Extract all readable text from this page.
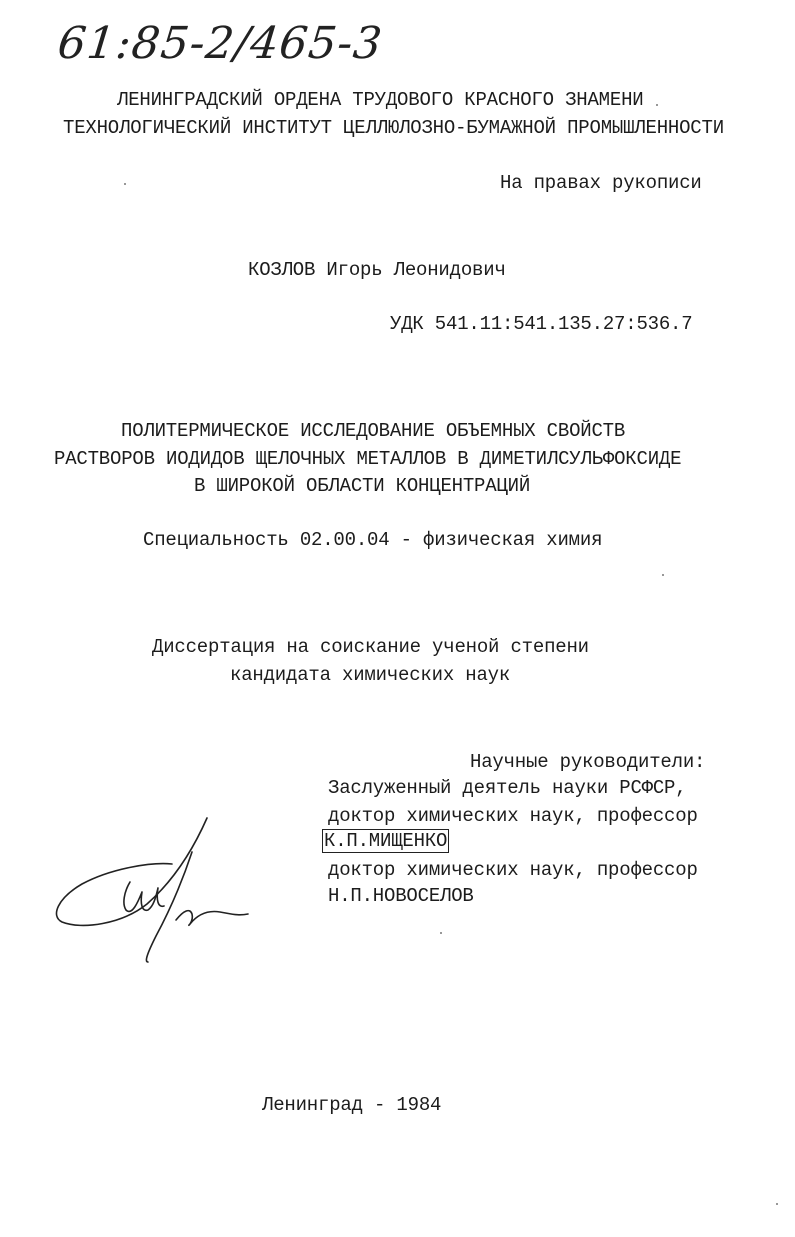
61:85-2/465-3
ЛЕНИНГРАДСКИЙ ОРДЕНА ТРУДОВОГО КРАСНОГО ЗНАМЕНИ
ТЕХНОЛОГИЧЕСКИЙ ИНСТИТУТ ЦЕЛЛЮЛОЗНО-БУМАЖНОЙ ПРОМЫШЛЕННОСТИ
На правах рукописи
КОЗЛОВ Игорь Леонидович
УДК 541.11:541.135.27:536.7
ПОЛИТЕРМИЧЕСКОЕ ИССЛЕДОВАНИЕ ОБЪЕМНЫХ СВОЙСТВ
РАСТВОРОВ ИОДИДОВ ЩЕЛОЧНЫХ МЕТАЛЛОВ В ДИМЕТИЛСУЛЬФОКСИДЕ
В ШИРОКОЙ ОБЛАСТИ КОНЦЕНТРАЦИЙ
Специальность 02.00.04 - физическая химия
Диссертация на соискание ученой степени
кандидата химических наук
Научные руководители:
Заслуженный деятель науки РСФСР,
доктор химических наук, профессор
К.П.МИЩЕНКО
доктор химических наук, профессор
Н.П.НОВОСЕЛОВ
Ленинград - 1984
